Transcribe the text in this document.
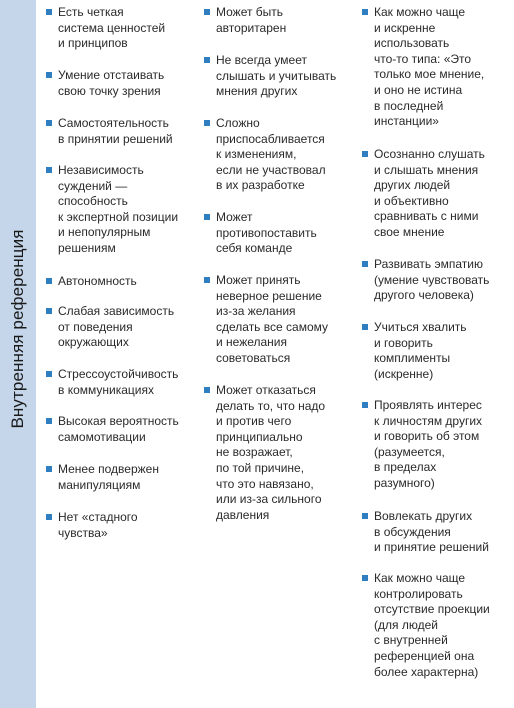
Внутренняя референция
Есть четкая
система ценностей
и принципов
Умение отстаивать
свою точку зрения
Самостоятельность
в принятии решений
Независимость
суждений —
способность
к экспертной позиции
и непопулярным
решениям
Автономность
Слабая зависимость
от поведения
окружающих
Стрессоустойчивость
в коммуникациях
Высокая вероятность
самомотивации
Менее подвержен
манипуляциям
Нет «стадного
чувства»
Может быть
авторитарен
Не всегда умеет
слышать и учитывать
мнения других
Сложно
приспосабливается
к изменениям,
если не участвовал
в их разработке
Может
противопоставить
себя команде
Может принять
неверное решение
из-за желания
сделать все самому
и нежелания
советоваться
Может отказаться
делать то, что надо
и против чего
принципиально
не возражает,
по той причине,
что это навязано,
или из-за сильного
давления
Как можно чаще
и искренне
использовать
что-то типа: «Это
только мое мнение,
и оно не истина
в последней
инстанции»
Осознанно слушать
и слышать мнения
других людей
и объективно
сравнивать с ними
свое мнение
Развивать эмпатию
(умение чувствовать
другого человека)
Учиться хвалить
и говорить
комплименты
(искренне)
Проявлять интерес
к личностям других
и говорить об этом
(разумеется,
в пределах
разумного)
Вовлекать других
в обсуждения
и принятие решений
Как можно чаще
контролировать
отсутствие проекции
(для людей
с внутренней
референцией она
более характерна)
